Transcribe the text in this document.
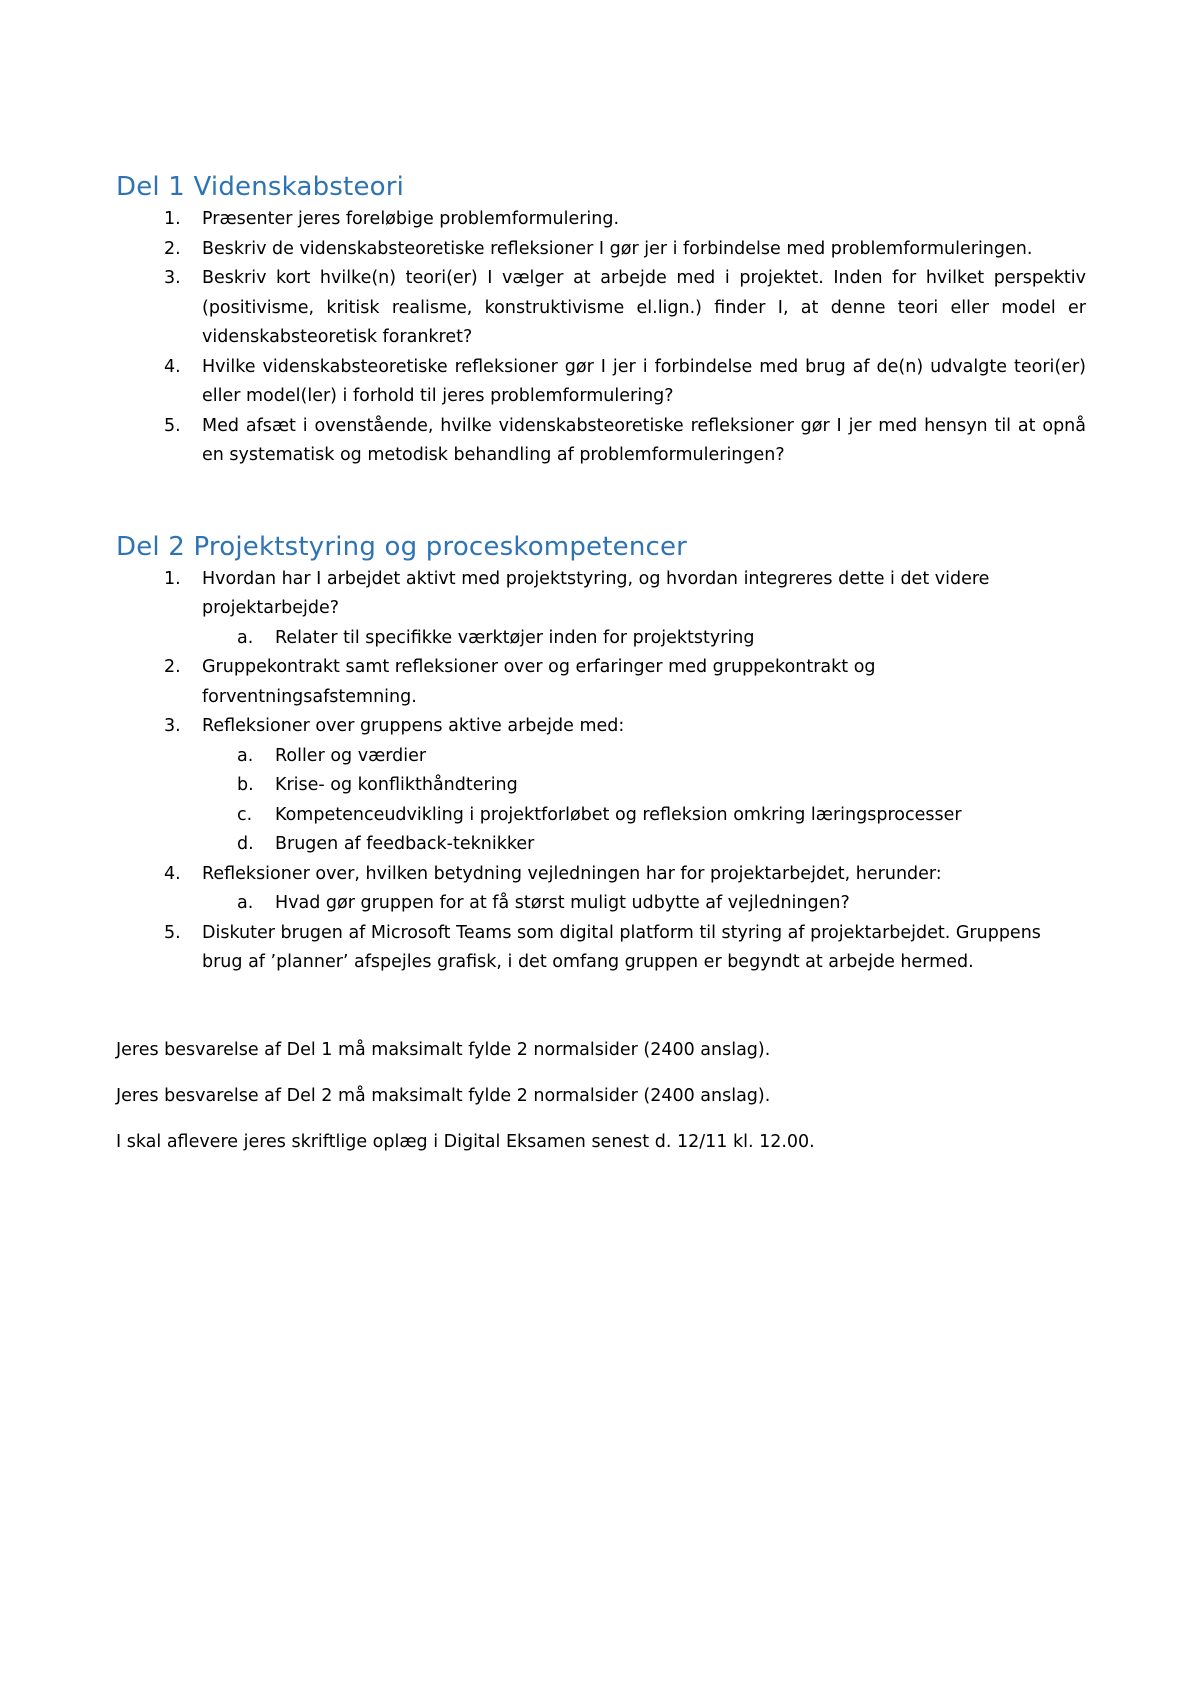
Del 1 Videnskabsteori
1.	Præsenter jeres foreløbige problemformulering.
2.	Beskriv de videnskabsteoretiske refleksioner I gør jer i forbindelse med problemformuleringen.
3.	Beskriv kort hvilke(n) teori(er) I vælger at arbejde med i projektet. Inden for hvilket perspektiv (positivisme, kritisk realisme, konstruktivisme el.lign.) finder I, at denne teori eller model er videnskabsteoretisk forankret?
4.	Hvilke videnskabsteoretiske refleksioner gør I jer i forbindelse med brug af de(n) udvalgte teori(er) eller model(ler) i forhold til jeres problemformulering?
5.	Med afsæt i ovenstående, hvilke videnskabsteoretiske refleksioner gør I jer med hensyn til at opnå en systematisk og metodisk behandling af problemformuleringen?
Del 2 Projektstyring og proceskompetencer
1.	Hvordan har I arbejdet aktivt med projektstyring, og hvordan integreres dette i det videre projektarbejde?
a.	Relater til specifikke værktøjer inden for projektstyring
2.	Gruppekontrakt samt refleksioner over og erfaringer med gruppekontrakt og forventningsafstemning.
3.	Refleksioner over gruppens aktive arbejde med:
a.	Roller og værdier
b.	Krise- og konflikthåndtering
c.	Kompetenceudvikling i projektforløbet og refleksion omkring læringsprocesser
d.	Brugen af feedback-teknikker
4.	Refleksioner over, hvilken betydning vejledningen har for projektarbejdet, herunder:
a.	Hvad gør gruppen for at få størst muligt udbytte af vejledningen?
5.	Diskuter brugen af Microsoft Teams som digital platform til styring af projektarbejdet. Gruppens brug af ’planner’ afspejles grafisk, i det omfang gruppen er begyndt at arbejde hermed.

Jeres besvarelse af Del 1 må maksimalt fylde 2 normalsider (2400 anslag).

Jeres besvarelse af Del 2 må maksimalt fylde 2 normalsider (2400 anslag).

I skal aflevere jeres skriftlige oplæg i Digital Eksamen senest d. 12/11 kl. 12.00.
